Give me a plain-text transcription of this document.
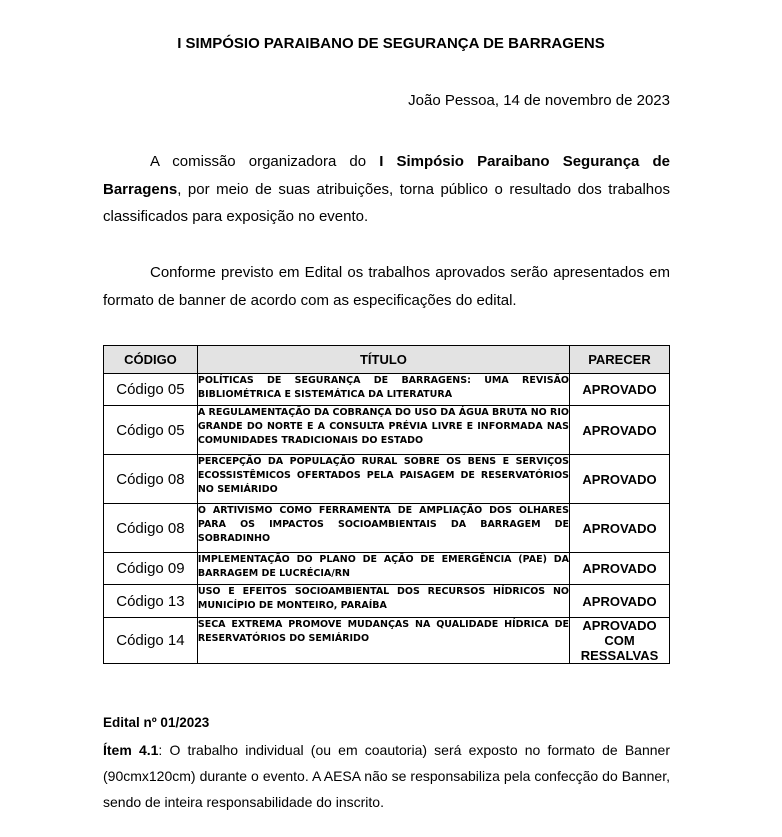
I SIMPÓSIO PARAIBANO DE SEGURANÇA DE BARRAGENS
João Pessoa, 14 de novembro de 2023
A comissão organizadora do I Simpósio Paraibano Segurança de Barragens, por meio de suas atribuições, torna público o resultado dos trabalhos classificados para exposição no evento.
Conforme previsto em Edital os trabalhos aprovados serão apresentados em formato de banner de acordo com as especificações do edital.
CÓDIGO	TÍTULO	PARECER
Código 05	POLÍTICAS DE SEGURANÇA DE BARRAGENS: UMA REVISÃO BIBLIOMÉTRICA E SISTEMÁTICA DA LITERATURA	APROVADO
Código 05	A REGULAMENTAÇÃO DA COBRANÇA DO USO DA ÁGUA BRUTA NO RIO GRANDE DO NORTE E A CONSULTA PRÉVIA LIVRE E INFORMADA NAS COMUNIDADES TRADICIONAIS DO ESTADO	APROVADO
Código 08	PERCEPÇÃO DA POPULAÇÃO RURAL SOBRE OS BENS E SERVIÇOS ECOSSISTÊMICOS OFERTADOS PELA PAISAGEM DE RESERVATÓRIOS NO SEMIÁRIDO	APROVADO
Código 08	O ARTIVISMO COMO FERRAMENTA DE AMPLIAÇÃO DOS OLHARES PARA OS IMPACTOS SOCIOAMBIENTAIS DA BARRAGEM DE SOBRADINHO	APROVADO
Código 09	IMPLEMENTAÇÃO DO PLANO DE AÇÃO DE EMERGÊNCIA (PAE) DA BARRAGEM DE LUCRÉCIA/RN	APROVADO
Código 13	USO E EFEITOS SOCIOAMBIENTAL DOS RECURSOS HÍDRICOS NO MUNICÍPIO DE MONTEIRO, PARAÍBA	APROVADO
Código 14	SECA EXTREMA PROMOVE MUDANÇAS NA QUALIDADE HÍDRICA DE RESERVATÓRIOS DO SEMIÁRIDO	APROVADO COM RESSALVAS
Edital nº 01/2023
Ítem 4.1: O trabalho individual (ou em coautoria) será exposto no formato de Banner (90cmx120cm) durante o evento. A AESA não se responsabiliza pela confecção do Banner, sendo de inteira responsabilidade do inscrito.
